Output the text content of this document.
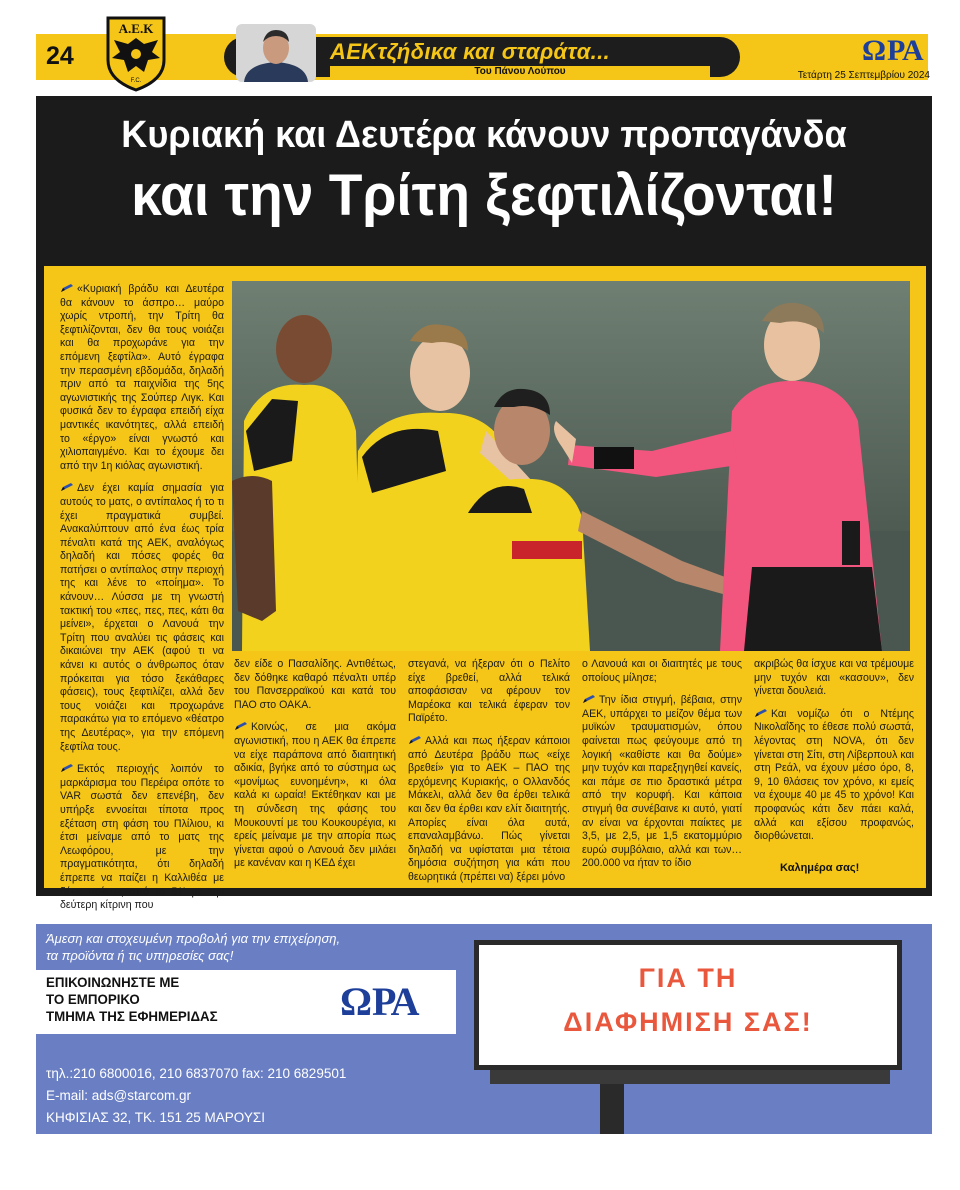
24
Α.Ε.Κ
F.C.
ΑΕΚτζήδικα και σταράτα...
Του Πάνου Λούπου
ΩΡΑ
Τετάρτη 25 Σεπτεμβρίου 2024
Κυριακή και Δευτέρα κάνουν προπαγάνδα
και την Τρίτη ξεφτιλίζονται!

«Κυριακή βράδυ και Δευτέρα θα κάνουν το άσπρο… μαύρο χωρίς ντροπή, την Τρίτη θα ξεφτιλίζονται, δεν θα τους νοιάζει και θα προχωράνε για την επόμενη ξεφτίλα». Αυτό έγραφα την περασμένη εβδομάδα, δηλαδή πριν από τα παιχνίδια της 5ης αγωνιστικής της Σούπερ Λιγκ. Και φυσικά δεν το έγραφα επειδή είχα μαντικές ικανότητες, αλλά επειδή το «έργο» είναι γνωστό και χιλιοπαιγμένο. Και το έχουμε δει από την 1η κιόλας αγωνιστική.

Δεν έχει καμία σημασία για αυτούς το ματς, ο αντίπαλος ή το τι έχει πραγματικά συμβεί. Ανακαλύπτουν από ένα έως τρία πέναλτι κατά της ΑΕΚ, αναλόγως δηλαδή και πόσες φορές θα πατήσει ο αντίπαλος στην περιοχή της και λένε το «ποίημα». Το κάνουν… Λύσσα με τη γνωστή τακτική του «πες, πες, πες, κάτι θα μείνει», έρχεται ο Λανουά την Τρίτη που αναλύει τις φάσεις και δικαιώνει την ΑΕΚ (αφού τι να κάνει κι αυτός ο άνθρωπος όταν πρόκειται για τόσο ξεκάθαρες φάσεις), τους ξεφτιλίζει, αλλά δεν τους νοιάζει και προχωράνε παρακάτω για το επόμενο «θέατρο της Δευτέρας», για την επόμενη ξεφτίλα τους.

Εκτός περιοχής λοιπόν το μαρκάρισμα του Περέιρα οπότε το VAR σωστά δεν επενέβη, δεν υπήρξε εννοείται τίποτα προς εξέταση στη φάση του Πλίλιου, κι έτσι μείναμε από το ματς της Λεωφόρου, με την πραγματικότητα, ότι δηλαδή έπρεπε να παίζει η Καλλιθέα με δέκα παίκτες από το 51' με την δεύτερη κίτρινη που

δεν είδε ο Πασαλίδης. Αντιθέτως, δεν δόθηκε καθαρό πέναλτι υπέρ του Πανσερραϊκού και κατά του ΠΑΟ στο ΟΑΚΑ.

Κοινώς, σε μια ακόμα αγωνιστική, που η ΑΕΚ θα έπρεπε να είχε παράπονα από διαιτητική αδικία, βγήκε από το σύστημα ως «μονίμως ευνοημένη», κι όλα καλά κι ωραία! Εκτέθηκαν και με τη σύνδεση της φάσης του Μουκουντί με του Κουκουρέγια, κι ερείς μείναμε με την απορία πως γίνεται αφού ο Λανουά δεν μιλάει με κανέναν και η ΚΕΔ έχει

στεγανά, να ήξεραν ότι ο Πελίτο είχε βρεθεί, αλλά τελικά αποφάσισαν να φέρουν τον Μαρέοκα και τελικά έφεραν τον Παϊρέτο.

Αλλά και πως ήξεραν κάποιοι από Δευτέρα βράδυ πως «είχε βρεθεί» για το ΑΕΚ – ΠΑΟ της ερχόμενης Κυριακής, ο Ολλανδός Μάκελι, αλλά δεν θα έρθει τελικά και δεν θα έρθει καν ελίτ διαιτητής. Απορίες είναι όλα αυτά, επαναλαμβάνω. Πώς γίνεται δηλαδή να υφίσταται μια τέτοια δημόσια συζήτηση για κάτι που θεωρητικά (πρέπει να) ξέρει μόνο

ο Λανουά και οι διαιτητές με τους οποίους μίλησε;

Την ίδια στιγμή, βέβαια, στην ΑΕΚ, υπάρχει το μείζον θέμα των μυϊκών τραυματισμών, όπου φαίνεται πως φεύγουμε από τη λογική «καθίστε και θα δούμε» μην τυχόν και παρεξηγηθεί κανείς, και πάμε σε πιο δραστικά μέτρα από την κορυφή. Και κάποια στιγμή θα συνέβαινε κι αυτό, γιατί αν είναι να έρχονται παίκτες με 3,5, με 2,5, με 1,5 εκατομμύριο ευρώ συμβόλαιο, αλλά και των… 200.000 να ήταν το ίδιο

ακριβώς θα ίσχυε και να τρέμουμε μην τυχόν και «κασουν», δεν γίνεται δουλειά.

Και νομίζω ότι ο Ντέμης Νικολαΐδης το έθεσε πολύ σωστά, λέγοντας στη NOVA, ότι δεν γίνεται στη Σίτι, στη Λίβερπουλ και στη Ρεάλ, να έχουν μέσο όρο, 8, 9, 10 θλάσεις τον χρόνο, κι εμείς να έχουμε 40 με 45 το χρόνο! Και προφανώς κάτι δεν πάει καλά, αλλά και εξίσου προφανώς, διορθώνεται.

Καλημέρα σας!
Άμεση και στοχευμένη προβολή για την επιχείρηση,
τα προϊόντα ή τις υπηρεσίες σας!
ΕΠΙΚΟΙΝΩΝΗΣΤΕ ΜΕ
ΤΟ ΕΜΠΟΡΙΚΟ
ΤΜΗΜΑ ΤΗΣ ΕΦΗΜΕΡΙΔΑΣ	ΩΡΑ
τηλ.:210 6800016, 210 6837070 fax: 210 6829501
E-mail: ads@starcom.gr
ΚΗΦΙΣΙΑΣ 32, ΤΚ. 151 25 ΜΑΡΟΥΣΙ
ΓΙΑ ΤΗ
ΔΙΑΦΗΜΙΣΗ ΣΑΣ!
